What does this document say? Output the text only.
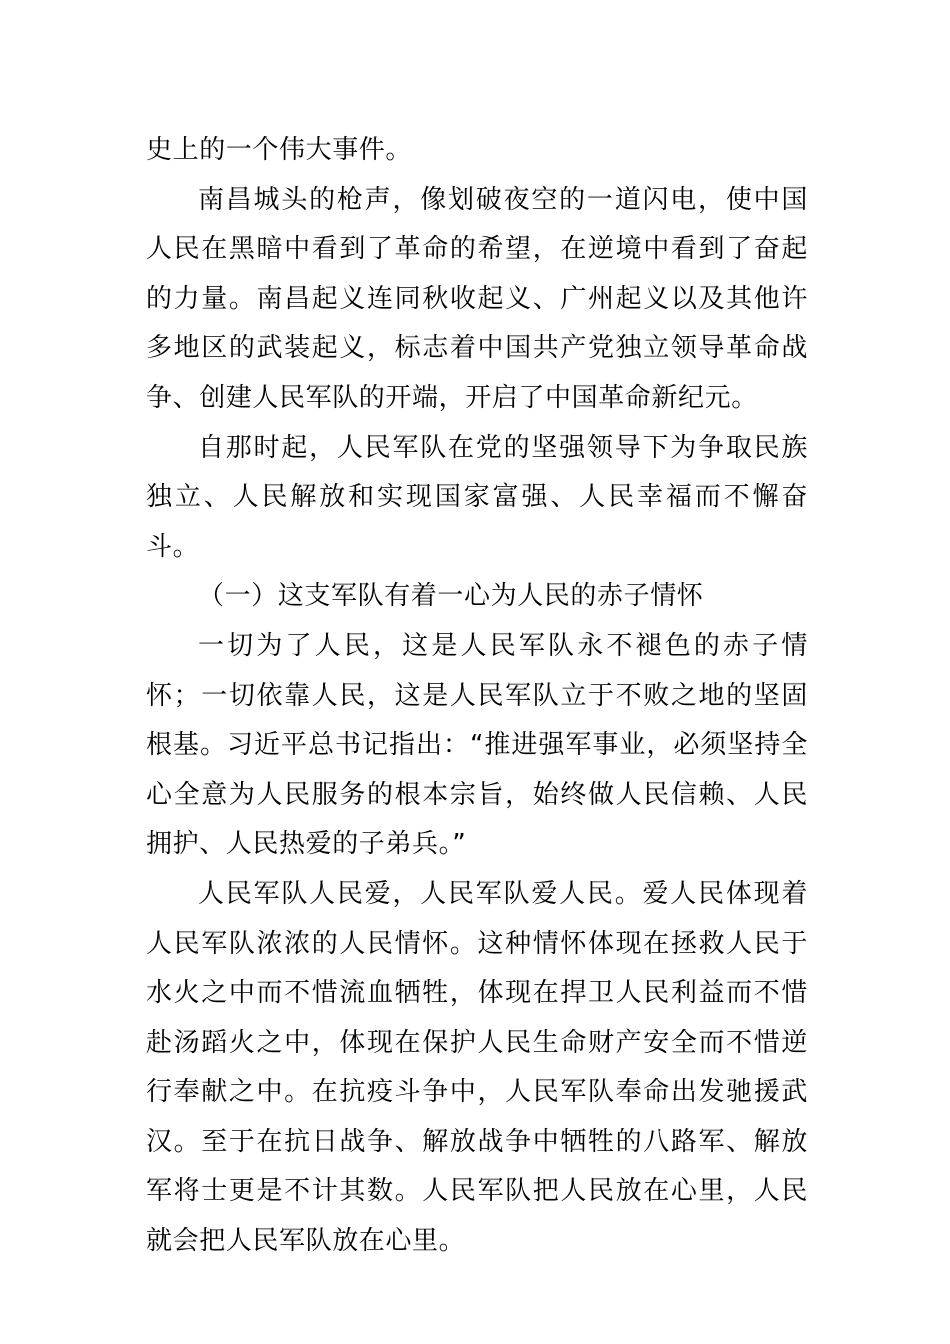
史上的一个伟大事件。

南昌城头的枪声，像划破夜空的一道闪电，使中国人民在黑暗中看到了革命的希望，在逆境中看到了奋起的力量。南昌起义连同秋收起义、广州起义以及其他许多地区的武装起义，标志着中国共产党独立领导革命战争、创建人民军队的开端，开启了中国革命新纪元。

自那时起，人民军队在党的坚强领导下为争取民族独立、人民解放和实现国家富强、人民幸福而不懈奋斗。

（一）这支军队有着一心为人民的赤子情怀

一切为了人民，这是人民军队永不褪色的赤子情怀；一切依靠人民，这是人民军队立于不败之地的坚固根基。习近平总书记指出：“推进强军事业，必须坚持全心全意为人民服务的根本宗旨，始终做人民信赖、人民拥护、人民热爱的子弟兵。”

人民军队人民爱，人民军队爱人民。爱人民体现着人民军队浓浓的人民情怀。这种情怀体现在拯救人民于水火之中而不惜流血牺牲，体现在捍卫人民利益而不惜赴汤蹈火之中，体现在保护人民生命财产安全而不惜逆行奉献之中。在抗疫斗争中，人民军队奉命出发驰援武汉。至于在抗日战争、解放战争中牺牲的八路军、解放军将士更是不计其数。人民军队把人民放在心里，人民就会把人民军队放在心里。
